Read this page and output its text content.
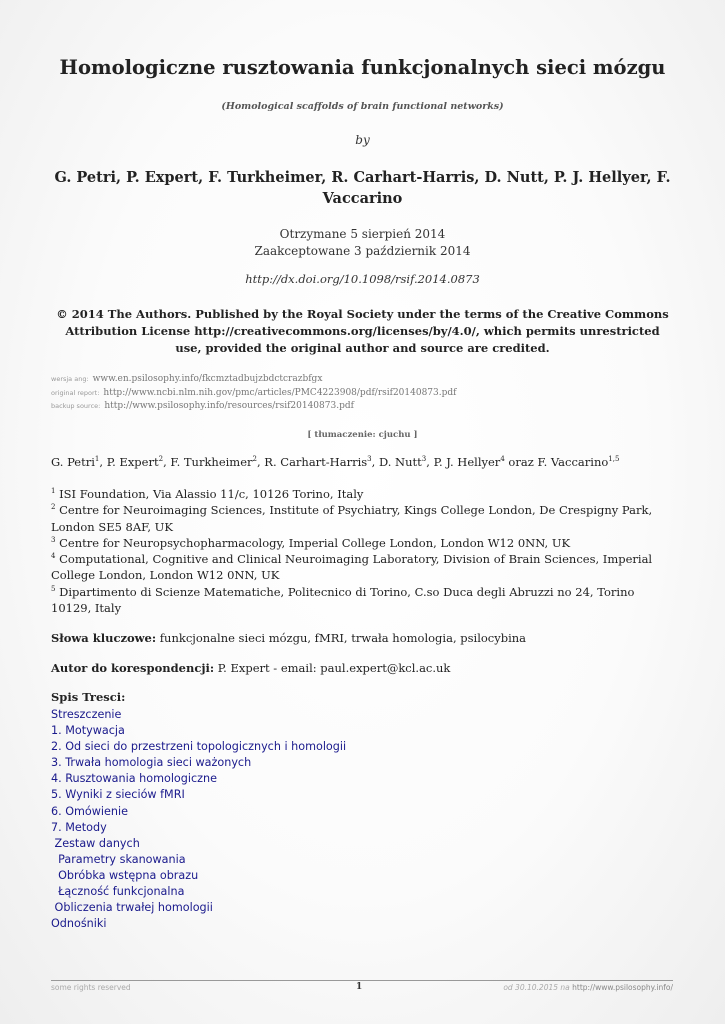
Homologiczne rusztowania funkcjonalnych sieci mózgu
(Homological scaffolds of brain functional networks)
by
G. Petri, P. Expert, F. Turkheimer, R. Carhart-Harris, D. Nutt, P. J. Hellyer, F. Vaccarino
Otrzymane 5 sierpień 2014
Zaakceptowane 3 październik 2014
http://dx.doi.org/10.1098/rsif.2014.0873
© 2014 The Authors. Published by the Royal Society under the terms of the Creative Commons Attribution License http://creativecommons.org/licenses/by/4.0/, which permits unrestricted use, provided the original author and source are credited.
wersja ang: www.en.psilosophy.info/fkcmztadbujzbdctcrazbfgx
original report: http://www.ncbi.nlm.nih.gov/pmc/articles/PMC4223908/pdf/rsif20140873.pdf
backup source: http://www.psilosophy.info/resources/rsif20140873.pdf
[ tłumaczenie: cjuchu ]
G. Petri$^1$, P. Expert$^2$, F. Turkheimer$^2$, R. Carhart-Harris$^3$, D. Nutt$^3$, P. J. Hellyer$^4$ oraz F. Vaccarino$^{1,5}$

$^1$ ISI Foundation, Via Alassio 11/c, 10126 Torino, Italy

$^2$ Centre for Neuroimaging Sciences, Institute of Psychiatry, Kings College London, De Crespigny Park, London SE5 8AF, UK

$^3$ Centre for Neuropsychopharmacology, Imperial College London, London W12 0NN, UK

$^4$ Computational, Cognitive and Clinical Neuroimaging Laboratory, Division of Brain Sciences, Imperial College London, London W12 0NN, UK

$^5$ Dipartimento di Scienze Matematiche, Politecnico di Torino, C.so Duca degli Abruzzi no 24, Torino 10129, Italy

Słowa kluczowe: funkcjonalne sieci mózgu, fMRI, trwała homologia, psilocybina
Autor do korespondencji: P. Expert - email: paul.expert@kcl.ac.uk
Spis Tresci:
Streszczenie
1. Motywacja
2. Od sieci do przestrzeni topologicznych i homologii
3. Trwała homologia sieci ważonych
4. Rusztowania homologiczne
5. Wyniki z sieciów fMRI
6. Omówienie
7. Metody
Zestaw danych
Parametry skanowania
Obróbka wstępna obrazu
Łączność funkcjonalna
Obliczenia trwałej homologii
Odnośniki
some rights reserved	1	od 30.10.2015 na http://www.psilosophy.info/
